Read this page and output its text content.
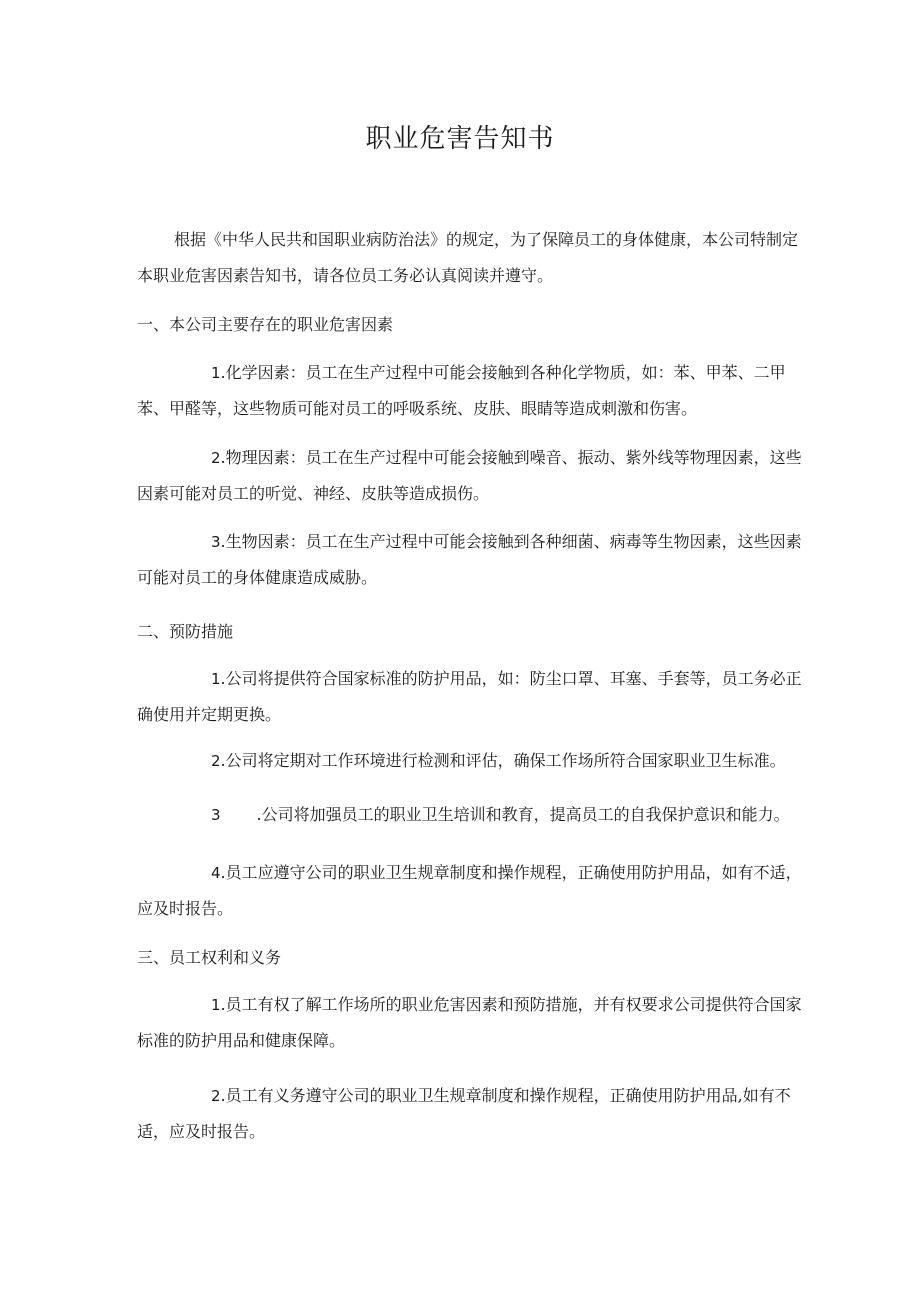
职业危害告知书
根据《中华人民共和国职业病防治法》的规定，为了保障员工的身体健康，本公司特制定本职业危害因素告知书，请各位员工务必认真阅读并遵守。
一、本公司主要存在的职业危害因素
1.化学因素：员工在生产过程中可能会接触到各种化学物质，如：苯、甲苯、二甲苯、甲醛等，这些物质可能对员工的呼吸系统、皮肤、眼睛等造成刺激和伤害。
2.物理因素：员工在生产过程中可能会接触到噪音、振动、紫外线等物理因素，这些因素可能对员工的听觉、神经、皮肤等造成损伤。
3.生物因素：员工在生产过程中可能会接触到各种细菌、病毒等生物因素，这些因素可能对员工的身体健康造成威胁。
二、预防措施
1.公司将提供符合国家标准的防护用品，如：防尘口罩、耳塞、手套等，员工务必正确使用并定期更换。
2.公司将定期对工作环境进行检测和评估，确保工作场所符合国家职业卫生标准。
3 .公司将加强员工的职业卫生培训和教育，提高员工的自我保护意识和能力。
4.员工应遵守公司的职业卫生规章制度和操作规程，正确使用防护用品，如有不适，应及时报告。
三、员工权利和义务
1.员工有权了解工作场所的职业危害因素和预防措施，并有权要求公司提供符合国家标准的防护用品和健康保障。
2.员工有义务遵守公司的职业卫生规章制度和操作规程，正确使用防护用品,如有不适，应及时报告。
